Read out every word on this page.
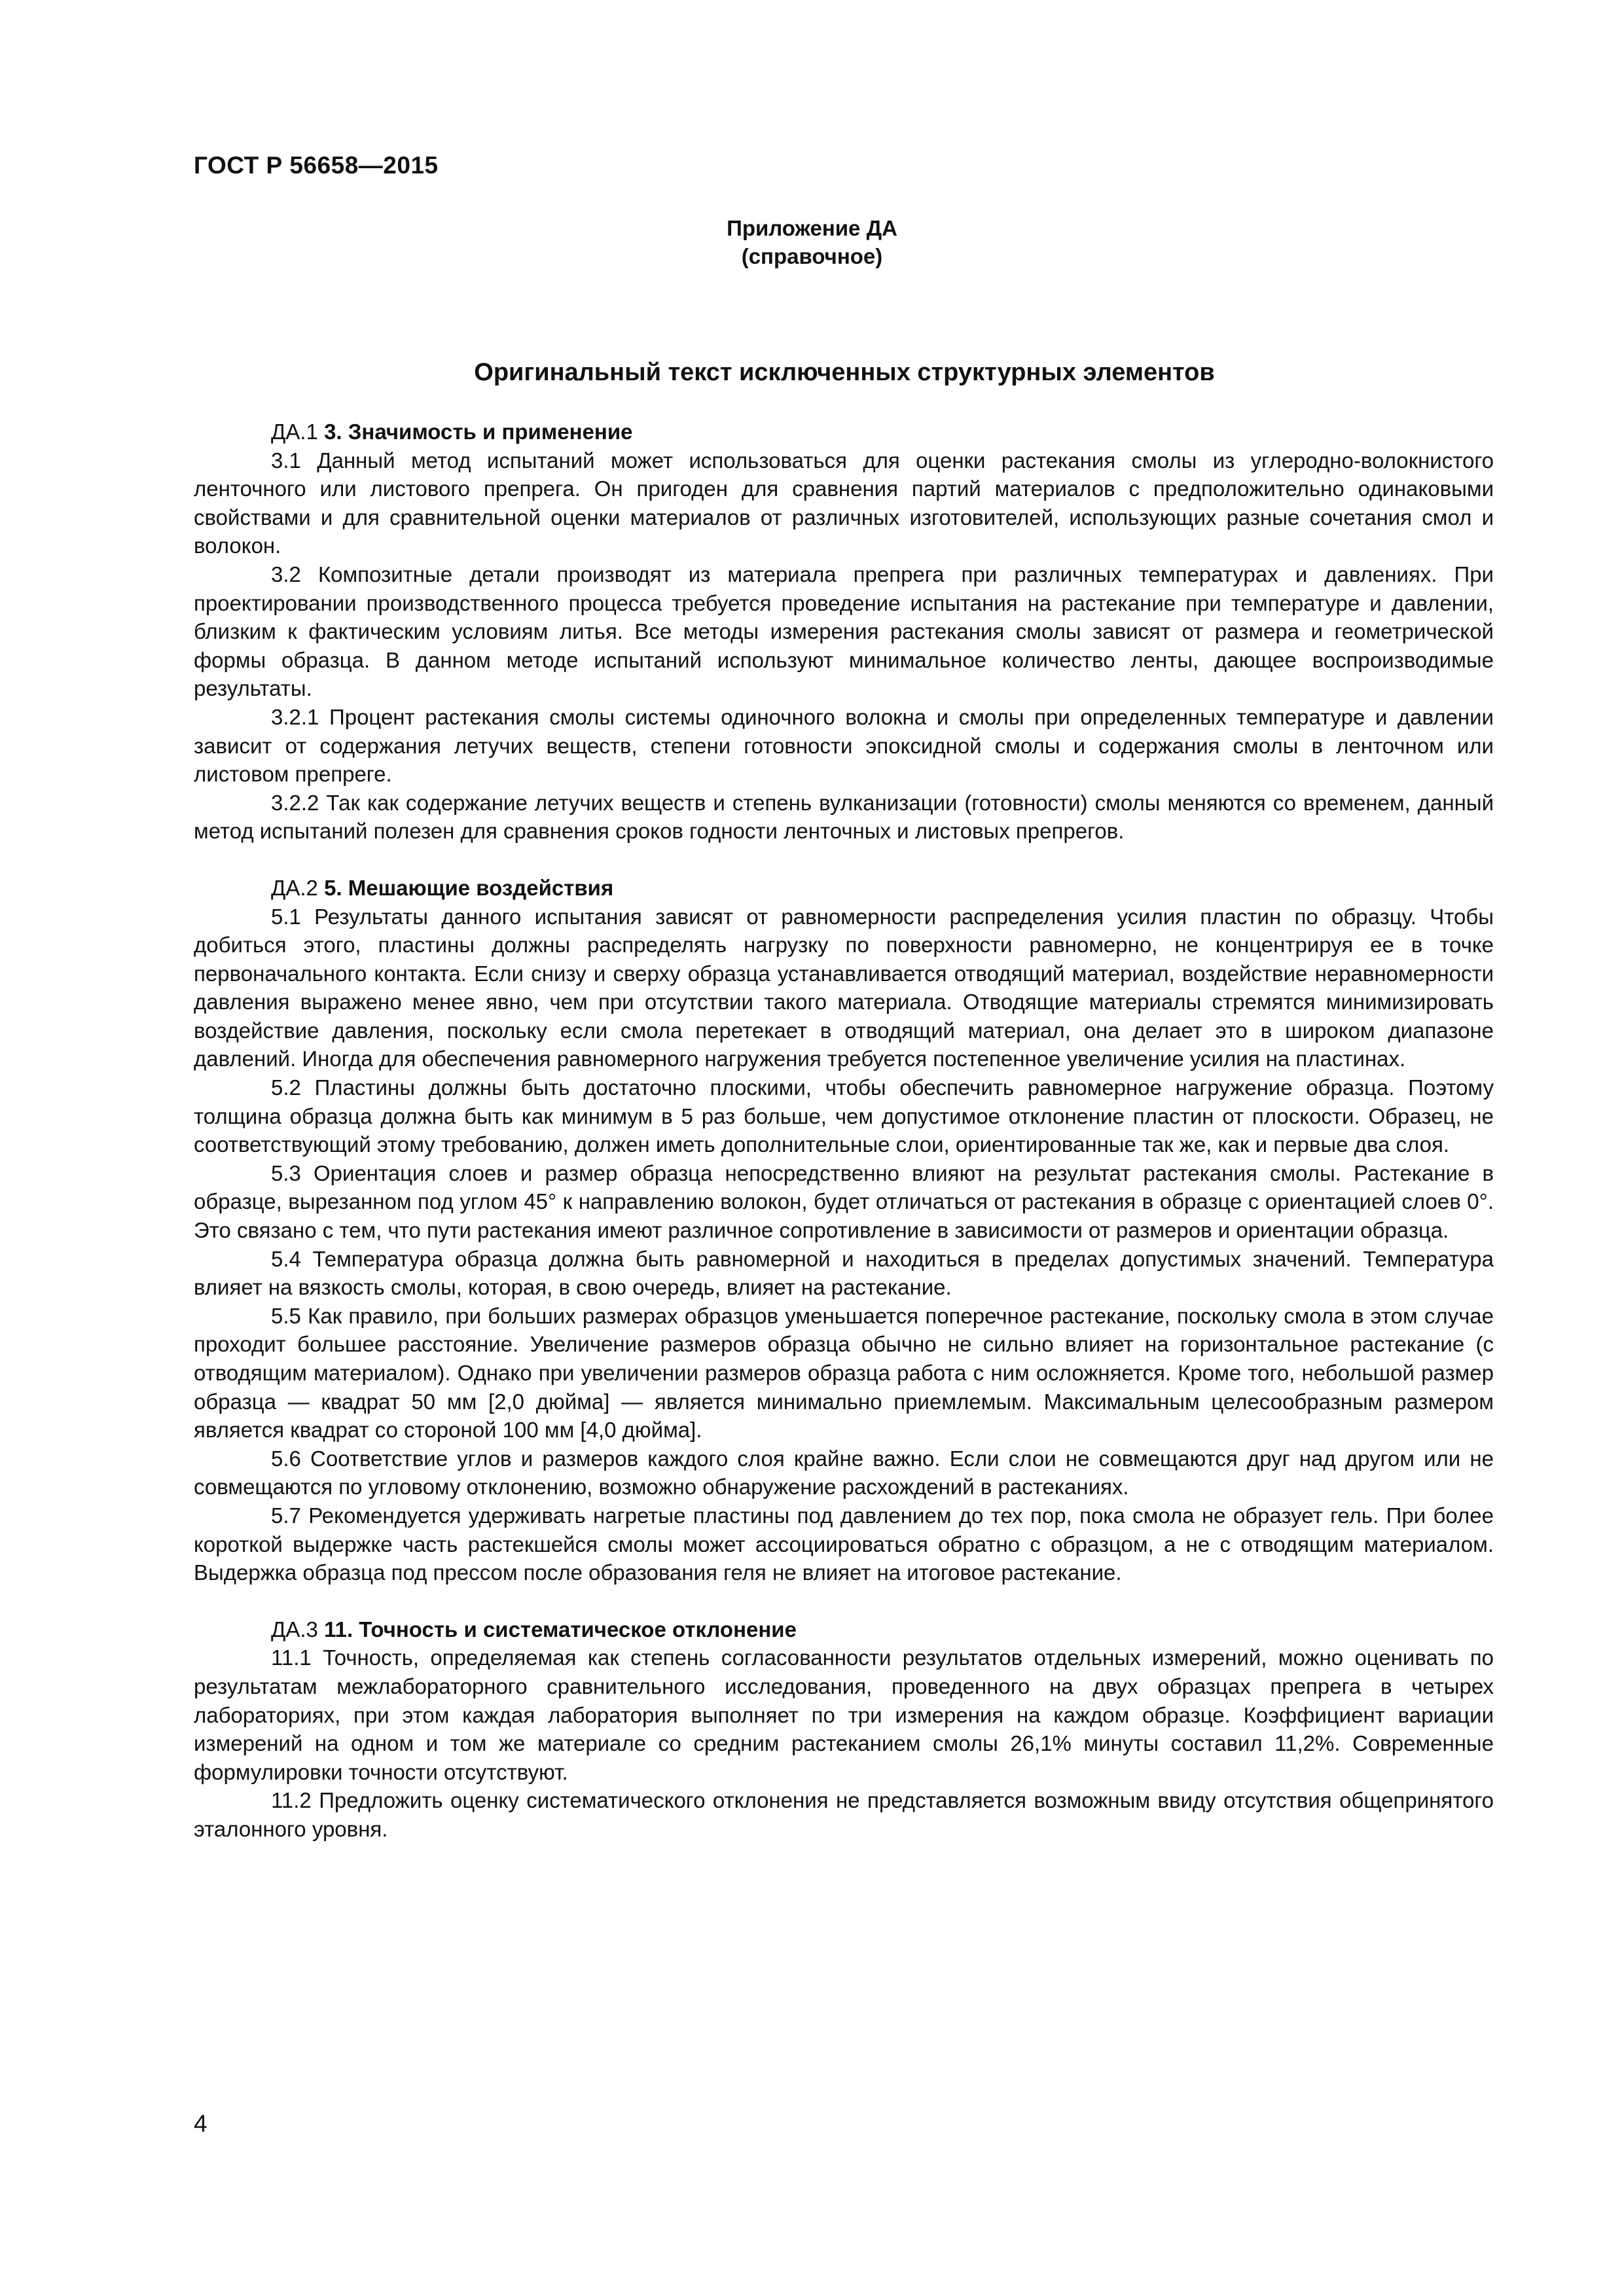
ГОСТ Р 56658—2015
Приложение ДА
(справочное)
Оригинальный текст исключенных структурных элементов
ДА.1 3. Значимость и применение

3.1 Данный метод испытаний может использоваться для оценки растекания смолы из углеродно-волокнистого ленточного или листового препрега. Он пригоден для сравнения партий материалов с предположительно одинаковыми свойствами и для сравнительной оценки материалов от различных изготовителей, использующих разные сочетания смол и волокон.

3.2 Композитные детали производят из материала препрега при различных температурах и давлениях. При проектировании производственного процесса требуется проведение испытания на растекание при температуре и давлении, близким к фактическим условиям литья. Все методы измерения растекания смолы зависят от размера и геометрической формы образца. В данном методе испытаний используют минимальное количество ленты, дающее воспроизводимые результаты.

3.2.1 Процент растекания смолы системы одиночного волокна и смолы при определенных температуре и давлении зависит от содержания летучих веществ, степени готовности эпоксидной смолы и содержания смолы в ленточном или листовом препреге.

3.2.2 Так как содержание летучих веществ и степень вулканизации (готовности) смолы меняются со временем, данный метод испытаний полезен для сравнения сроков годности ленточных и листовых препрегов.

ДА.2 5. Мешающие воздействия

5.1 Результаты данного испытания зависят от равномерности распределения усилия пластин по образцу. Чтобы добиться этого, пластины должны распределять нагрузку по поверхности равномерно, не концентрируя ее в точке первоначального контакта. Если снизу и сверху образца устанавливается отводящий материал, воздействие неравномерности давления выражено менее явно, чем при отсутствии такого материала. Отводящие материалы стремятся минимизировать воздействие давления, поскольку если смола перетекает в отводящий материал, она делает это в широком диапазоне давлений. Иногда для обеспечения равномерного нагружения требуется постепенное увеличение усилия на пластинах.

5.2 Пластины должны быть достаточно плоскими, чтобы обеспечить равномерное нагружение образца. Поэтому толщина образца должна быть как минимум в 5 раз больше, чем допустимое отклонение пластин от плоскости. Образец, не соответствующий этому требованию, должен иметь дополнительные слои, ориентированные так же, как и первые два слоя.

5.3 Ориентация слоев и размер образца непосредственно влияют на результат растекания смолы. Растекание в образце, вырезанном под углом 45° к направлению волокон, будет отличаться от растекания в образце с ориентацией слоев 0°. Это связано с тем, что пути растекания имеют различное сопротивление в зависимости от размеров и ориентации образца.

5.4 Температура образца должна быть равномерной и находиться в пределах допустимых значений. Температура влияет на вязкость смолы, которая, в свою очередь, влияет на растекание.

5.5 Как правило, при больших размерах образцов уменьшается поперечное растекание, поскольку смола в этом случае проходит большее расстояние. Увеличение размеров образца обычно не сильно влияет на горизонтальное растекание (с отводящим материалом). Однако при увеличении размеров образца работа с ним осложняется. Кроме того, небольшой размер образца — квадрат 50 мм [2,0 дюйма] — является минимально приемлемым. Максимальным целесообразным размером является квадрат со стороной 100 мм [4,0 дюйма].

5.6 Соответствие углов и размеров каждого слоя крайне важно. Если слои не совмещаются друг над другом или не совмещаются по угловому отклонению, возможно обнаружение расхождений в растеканиях.

5.7 Рекомендуется удерживать нагретые пластины под давлением до тех пор, пока смола не образует гель. При более короткой выдержке часть растекшейся смолы может ассоциироваться обратно с образцом, а не с отводящим материалом. Выдержка образца под прессом после образования геля не влияет на итоговое растекание.

ДА.3 11. Точность и систематическое отклонение

11.1 Точность, определяемая как степень согласованности результатов отдельных измерений, можно оценивать по результатам межлабораторного сравнительного исследования, проведенного на двух образцах препрега в четырех лабораториях, при этом каждая лаборатория выполняет по три измерения на каждом образце. Коэффициент вариации измерений на одном и том же материале со средним растеканием смолы 26,1% минуты составил 11,2%. Современные формулировки точности отсутствуют.

11.2 Предложить оценку систематического отклонения не представляется возможным ввиду отсутствия общепринятого эталонного уровня.

4
